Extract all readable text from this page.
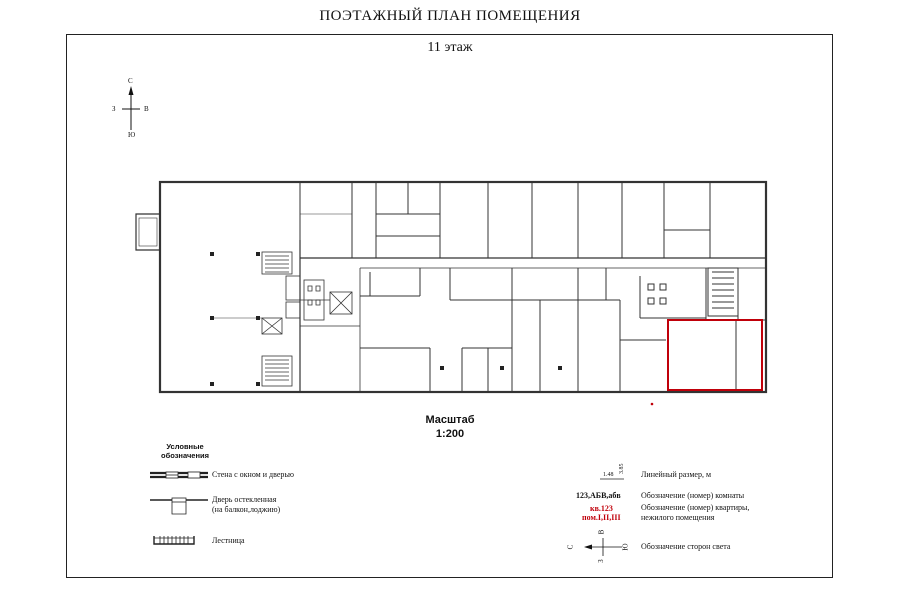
ПОЭТАЖНЫЙ ПЛАН ПОМЕЩЕНИЯ
11 этаж
С
Ю
З	В
Масштаб
1:200
Условные
обозначения
Стена с окном и дверью
Дверь остекленная
(на балкон,лоджию)
Лестница
1.48
3.85
Линейный размер, м
123,АБВ,абв	Обозначение (номер) комнаты
кв.123
пом.I,II,III
Обозначение (номер) квартиры,
нежилого помещения
С	Ю
В
З
Обозначение сторон света
